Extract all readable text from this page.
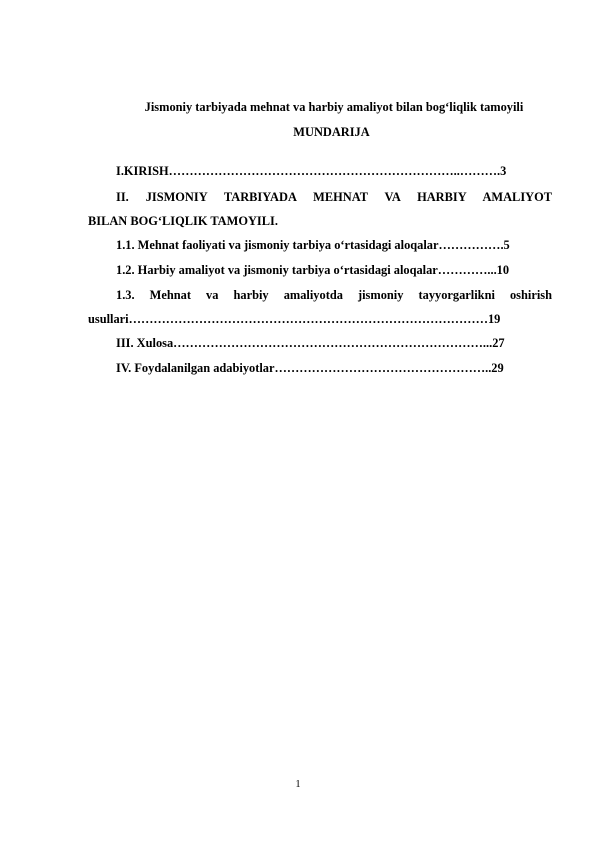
Jismoniy tarbiyada mehnat va harbiy amaliyot bilan bog‘liqlik tamoyili
MUNDARIJA
I.KIRISH……………………………………………………………..……….3
II. JISMONIY TARBIYADA MEHNAT VA HARBIY AMALIYOT
BILAN BOG‘LIQLIK TAMOYILI.
1.1. Mehnat faoliyati va jismoniy tarbiya o‘rtasidagi aloqalar…………….5
1.2. Harbiy amaliyot va jismoniy tarbiya o‘rtasidagi aloqalar…………...10
1.3. Mehnat va harbiy amaliyotda jismoniy tayyorgarlikni oshirish
usullari……………………………………………………………………………19
III. Xulosa…………………………………………………………………...27
IV. Foydalanilgan adabiyotlar……………………………………………..29
1
